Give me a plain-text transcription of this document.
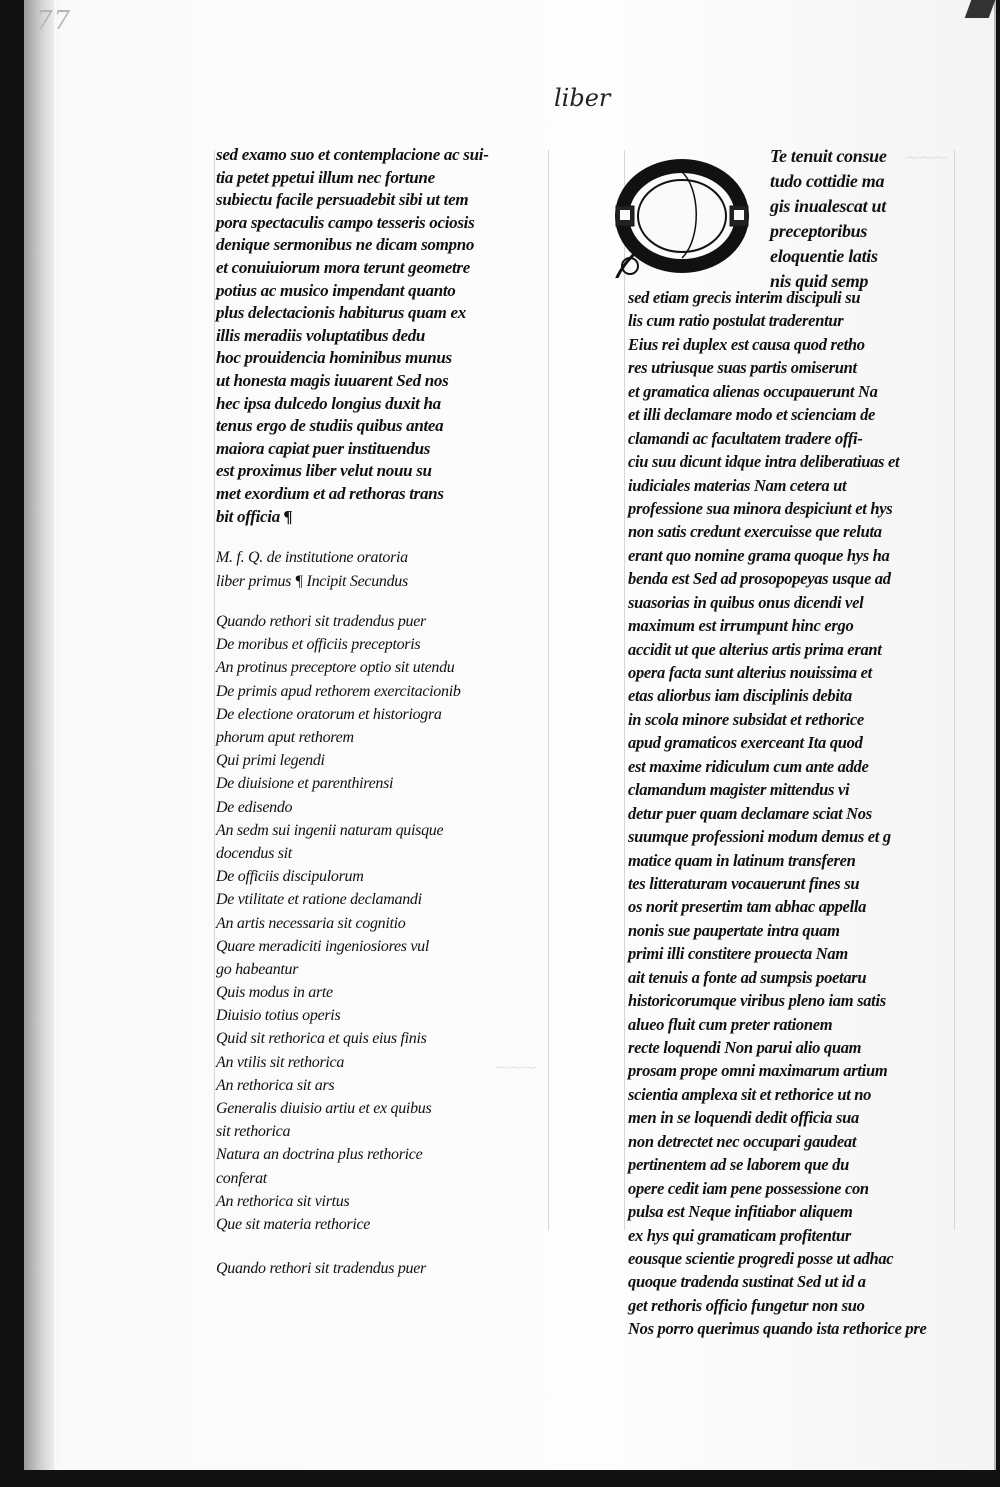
77
liber
⁓⁓⁓
⁓⁓⁓
sed examo suo et contemplacione ac sui-
tia petet ppetui illum nec fortune
subiectu facile persuadebit sibi ut tem
pora spectaculis campo tesseris ociosis
denique sermonibus ne dicam sompno
et conuiuiorum mora terunt geometre
potius ac musico impendant quanto
plus delectacionis habiturus quam ex
illis meradiis voluptatibus dedu
hoc prouidencia hominibus munus
ut honesta magis iuuarent Sed nos
hec ipsa dulcedo longius duxit ha
tenus ergo de studiis quibus antea
maiora capiat puer instituendus
est proximus liber velut nouu su
met exordium et ad rethoras trans
bit officia ¶
M. f. Q. de institutione oratoria
liber primus ¶ Incipit Secundus
Quando rethori sit tradendus puer
De moribus et officiis preceptoris
An protinus preceptore optio sit utendu
De primis apud rethorem exercitacionib
De electione oratorum et historiogra
phorum aput rethorem
Qui primi legendi
De diuisione et parenthirensi
De edisendo
An sedm sui ingenii naturam quisque
docendus sit
De officiis discipulorum
De vtilitate et ratione declamandi
An artis necessaria sit cognitio
Quare meradiciti ingeniosiores vul
go habeantur
Quis modus in arte
Diuisio totius operis
Quid sit rethorica et quis eius finis
An vtilis sit rethorica
An rethorica sit ars
Generalis diuisio artiu et ex quibus
sit rethorica
Natura an doctrina plus rethorice
conferat
An rethorica sit virtus
Que sit materia rethorice
Quando rethori sit tradendus puer
Te tenuit consue
tudo cottidie ma
gis inualescat ut
preceptoribus
eloquentie latis
nis quid semp
sed etiam grecis interim discipuli su
lis cum ratio postulat traderentur
Eius rei duplex est causa quod retho
res utriusque suas partis omiserunt
et gramatica alienas occupauerunt Na
et illi declamare modo et scienciam de
clamandi ac facultatem tradere offi-
ciu suu dicunt idque intra deliberatiuas et
iudiciales materias Nam cetera ut
professione sua minora despiciunt et hys
non satis credunt exercuisse que reluta
erant quo nomine grama quoque hys ha
benda est Sed ad prosopopeyas usque ad
suasorias in quibus onus dicendi vel
maximum est irrumpunt hinc ergo
accidit ut que alterius artis prima erant
opera facta sunt alterius nouissima et
etas aliorbus iam disciplinis debita
in scola minore subsidat et rethorice
apud gramaticos exerceant Ita quod
est maxime ridiculum cum ante adde
clamandum magister mittendus vi
detur puer quam declamare sciat Nos
suumque professioni modum demus et g
matice quam in latinum transferen
tes litteraturam vocauerunt fines su
os norit presertim tam abhac appella
nonis sue paupertate intra quam
primi illi constitere prouecta Nam
ait tenuis a fonte ad sumpsis poetaru
historicorumque viribus pleno iam satis
alueo fluit cum preter rationem
recte loquendi Non parui alio quam
prosam prope omni maximarum artium
scientia amplexa sit et rethorice ut no
men in se loquendi dedit officia sua
non detrectet nec occupari gaudeat
pertinentem ad se laborem que du
opere cedit iam pene possessione con
pulsa est Neque infitiabor aliquem
ex hys qui gramaticam profitentur
eousque scientie progredi posse ut adhac
quoque tradenda sustinat Sed ut id a
get rethoris officio fungetur non suo
Nos porro querimus quando ista rethorice pre
